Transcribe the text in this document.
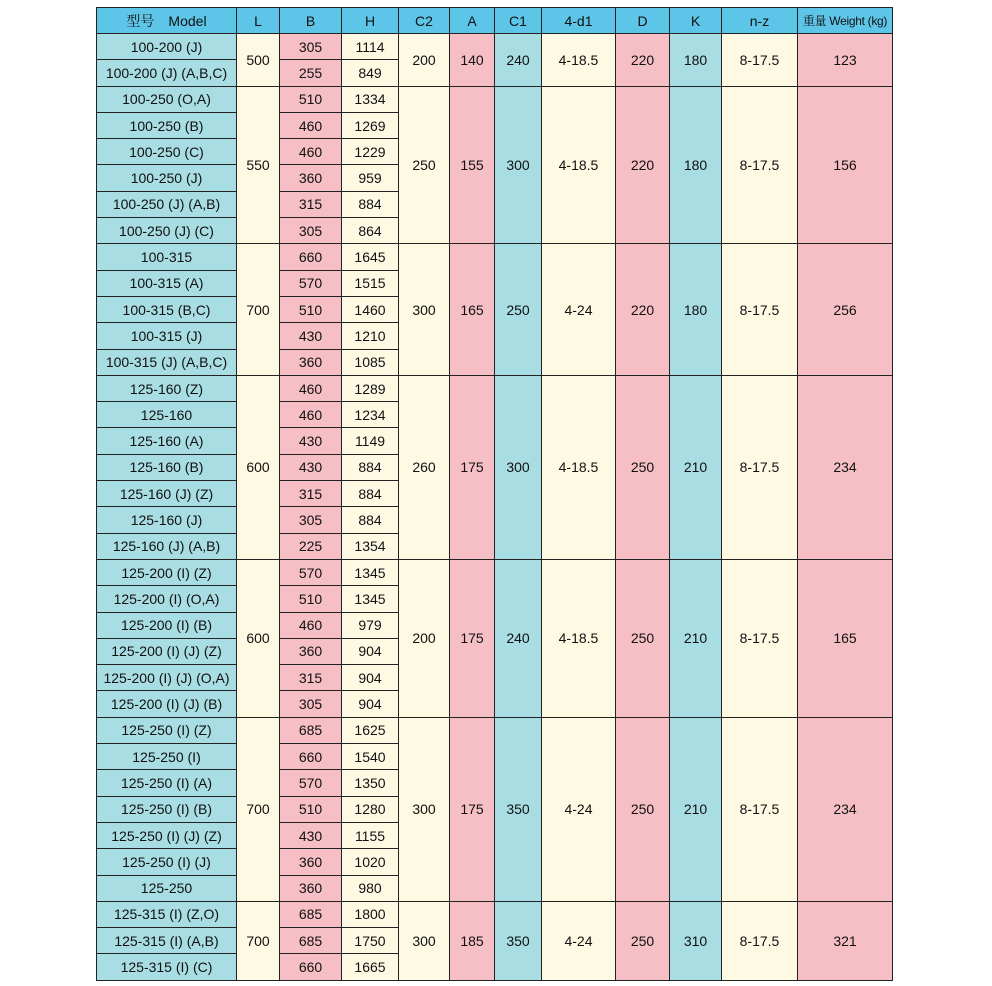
型号　Model	L	B	H	C2	A	C1	4-d1	D	K	n-z	重量 Weight (kg)
100-200 (J)	500	305	1114	200	140	240	4-18.5	220	180	8-17.5	123
100-200 (J) (A,B,C)		255	849								
100-250 (O,A)	550	510	1334	250	155	300	4-18.5	220	180	8-17.5	156
100-250 (B)		460	1269								
100-250 (C)		460	1229								
100-250 (J)		360	959								
100-250 (J) (A,B)		315	884								
100-250 (J) (C)		305	864								
100-315	700	660	1645	300	165	250	4-24	220	180	8-17.5	256
100-315 (A)		570	1515								
100-315 (B,C)		510	1460								
100-315 (J)		430	1210								
100-315 (J) (A,B,C)		360	1085								
125-160 (Z)	600	460	1289	260	175	300	4-18.5	250	210	8-17.5	234
125-160		460	1234								
125-160 (A)		430	1149								
125-160 (B)		430	884								
125-160 (J) (Z)		315	884								
125-160 (J)		305	884								
125-160 (J) (A,B)		225	1354								
125-200 (I) (Z)	600	570	1345	200	175	240	4-18.5	250	210	8-17.5	165
125-200 (I) (O,A)		510	1345								
125-200 (I) (B)		460	979								
125-200 (I) (J) (Z)		360	904								
125-200 (I) (J) (O,A)		315	904								
125-200 (I) (J) (B)		305	904								
125-250 (I) (Z)	700	685	1625	300	175	350	4-24	250	210	8-17.5	234
125-250 (I)		660	1540								
125-250 (I) (A)		570	1350								
125-250 (I) (B)		510	1280								
125-250 (I) (J) (Z)		430	1155								
125-250 (I) (J)		360	1020								
125-250		360	980								
125-315 (I) (Z,O)	700	685	1800	300	185	350	4-24	250	310	8-17.5	321
125-315 (I) (A,B)		685	1750								
125-315 (I) (C)		660	1665								
